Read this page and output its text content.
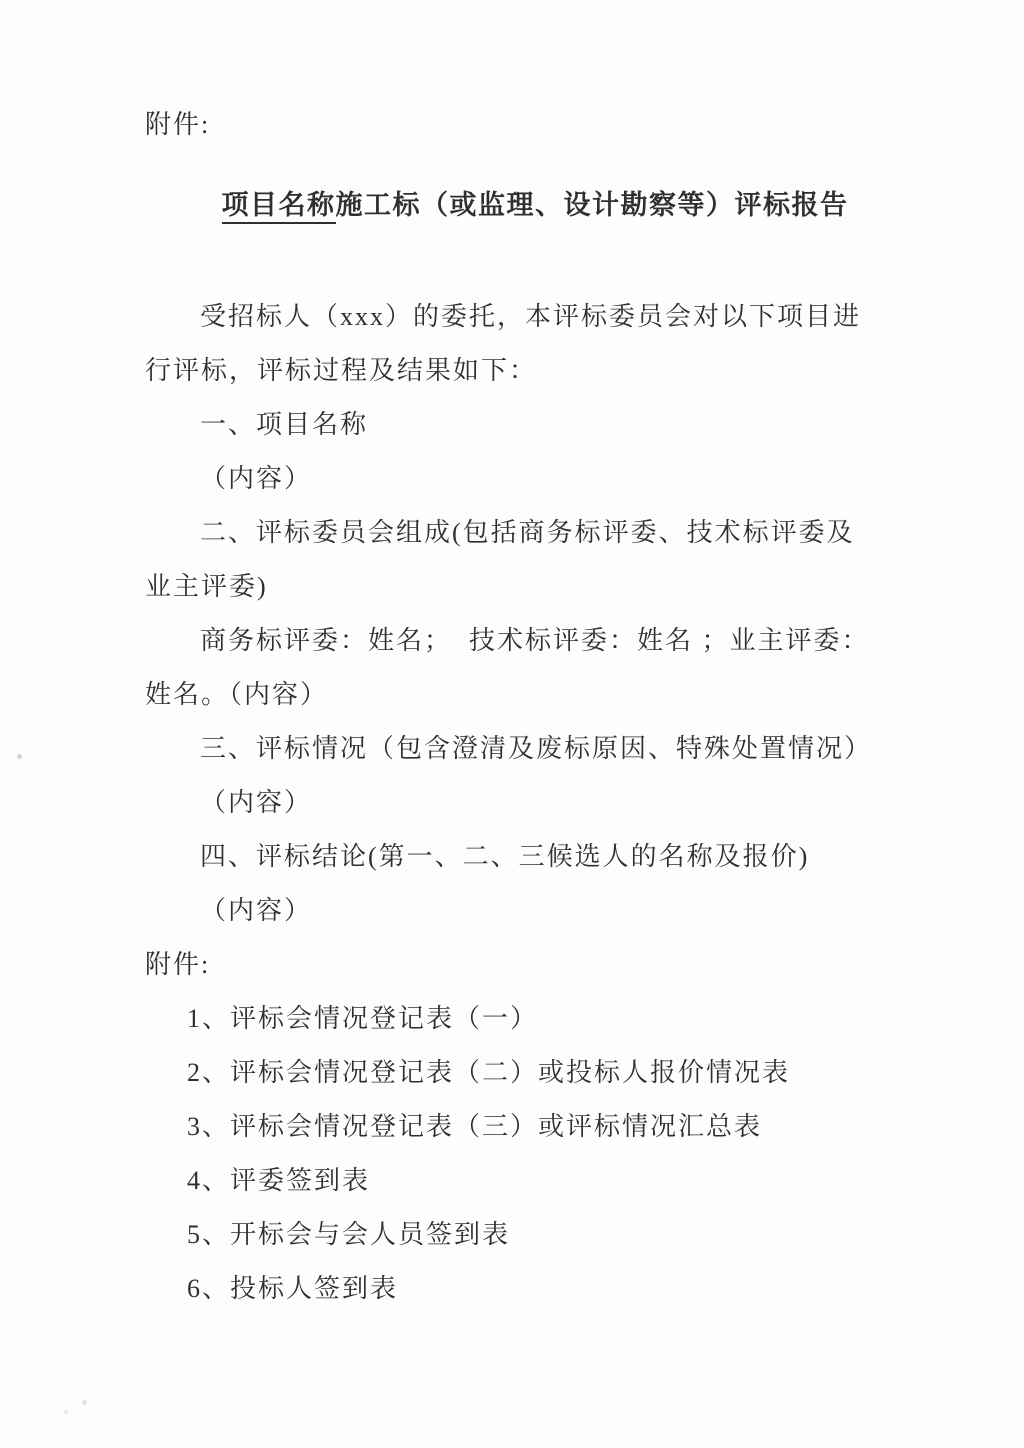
附件:
项目名称施工标（或监理、设计勘察等）评标报告
受招标人（xxx）的委托，本评标委员会对以下项目进
行评标，评标过程及结果如下：
一、项目名称
（内容）
二、评标委员会组成(包括商务标评委、技术标评委及
业主评委)
商务标评委：姓名；  技术标评委：姓名 ；业主评委：
姓名。（内容）
三、评标情况（包含澄清及废标原因、特殊处置情况）
（内容）
四、评标结论(第一、二、三候选人的名称及报价)
（内容）
附件:
1、评标会情况登记表（一）
2、评标会情况登记表（二）或投标人报价情况表
3、评标会情况登记表（三）或评标情况汇总表
4、评委签到表
5、开标会与会人员签到表
6、投标人签到表
